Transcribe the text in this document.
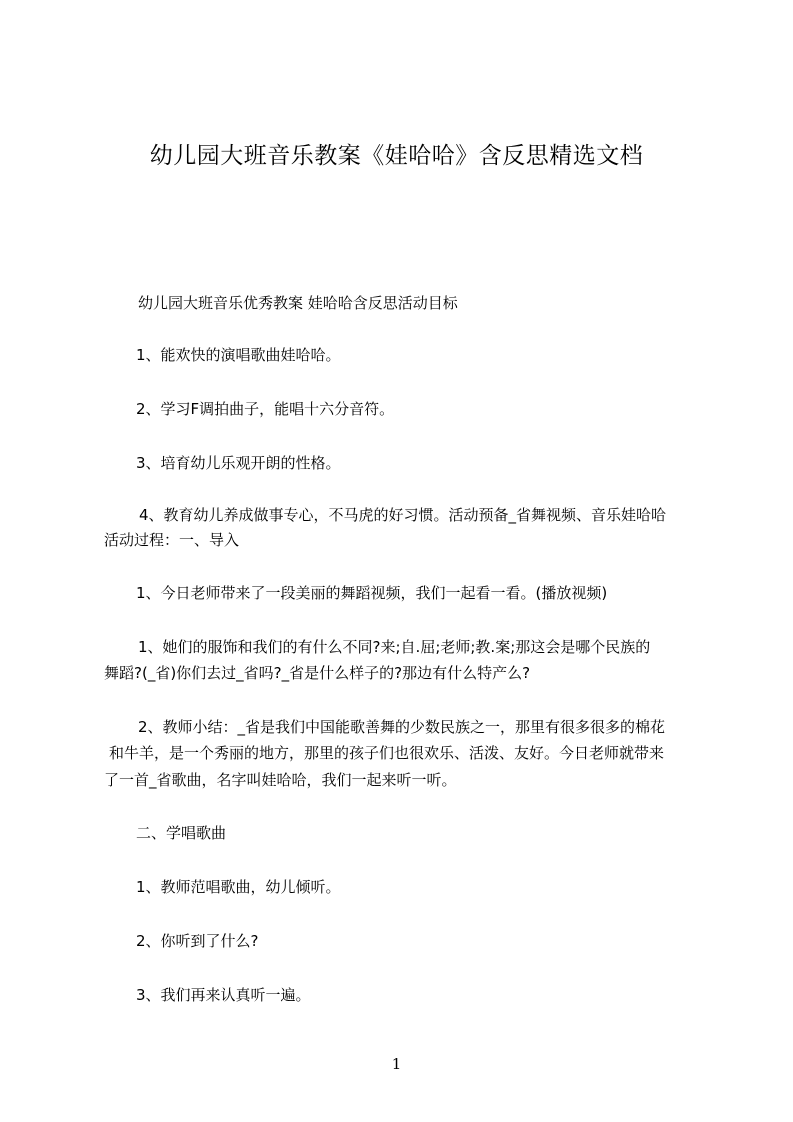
幼儿园大班音乐教案《娃哈哈》含反思精选文档
幼儿园大班音乐优秀教案 娃哈哈含反思活动目标
1、能欢快的演唱歌曲娃哈哈。
2、学习F调拍曲子，能唱十六分音符。
3、培育幼儿乐观开朗的性格。
4、教育幼儿养成做事专心，不马虎的好习惯。活动预备_省舞视频、音乐娃哈哈
活动过程：一、导入
1、今日老师带来了一段美丽的舞蹈视频，我们一起看一看。(播放视频)
1、她们的服饰和我们的有什么不同?来;自.屈;老师;教.案;那这会是哪个民族的
舞蹈?(_省)你们去过_省吗?_省是什么样子的?那边有什么特产么?
2、教师小结：_省是我们中国能歌善舞的少数民族之一，那里有很多很多的棉花
和牛羊，是一个秀丽的地方，那里的孩子们也很欢乐、活泼、友好。今日老师就带来
了一首_省歌曲，名字叫娃哈哈，我们一起来听一听。
二、学唱歌曲
1、教师范唱歌曲，幼儿倾听。
2、你听到了什么?
3、我们再来认真听一遍。
1
